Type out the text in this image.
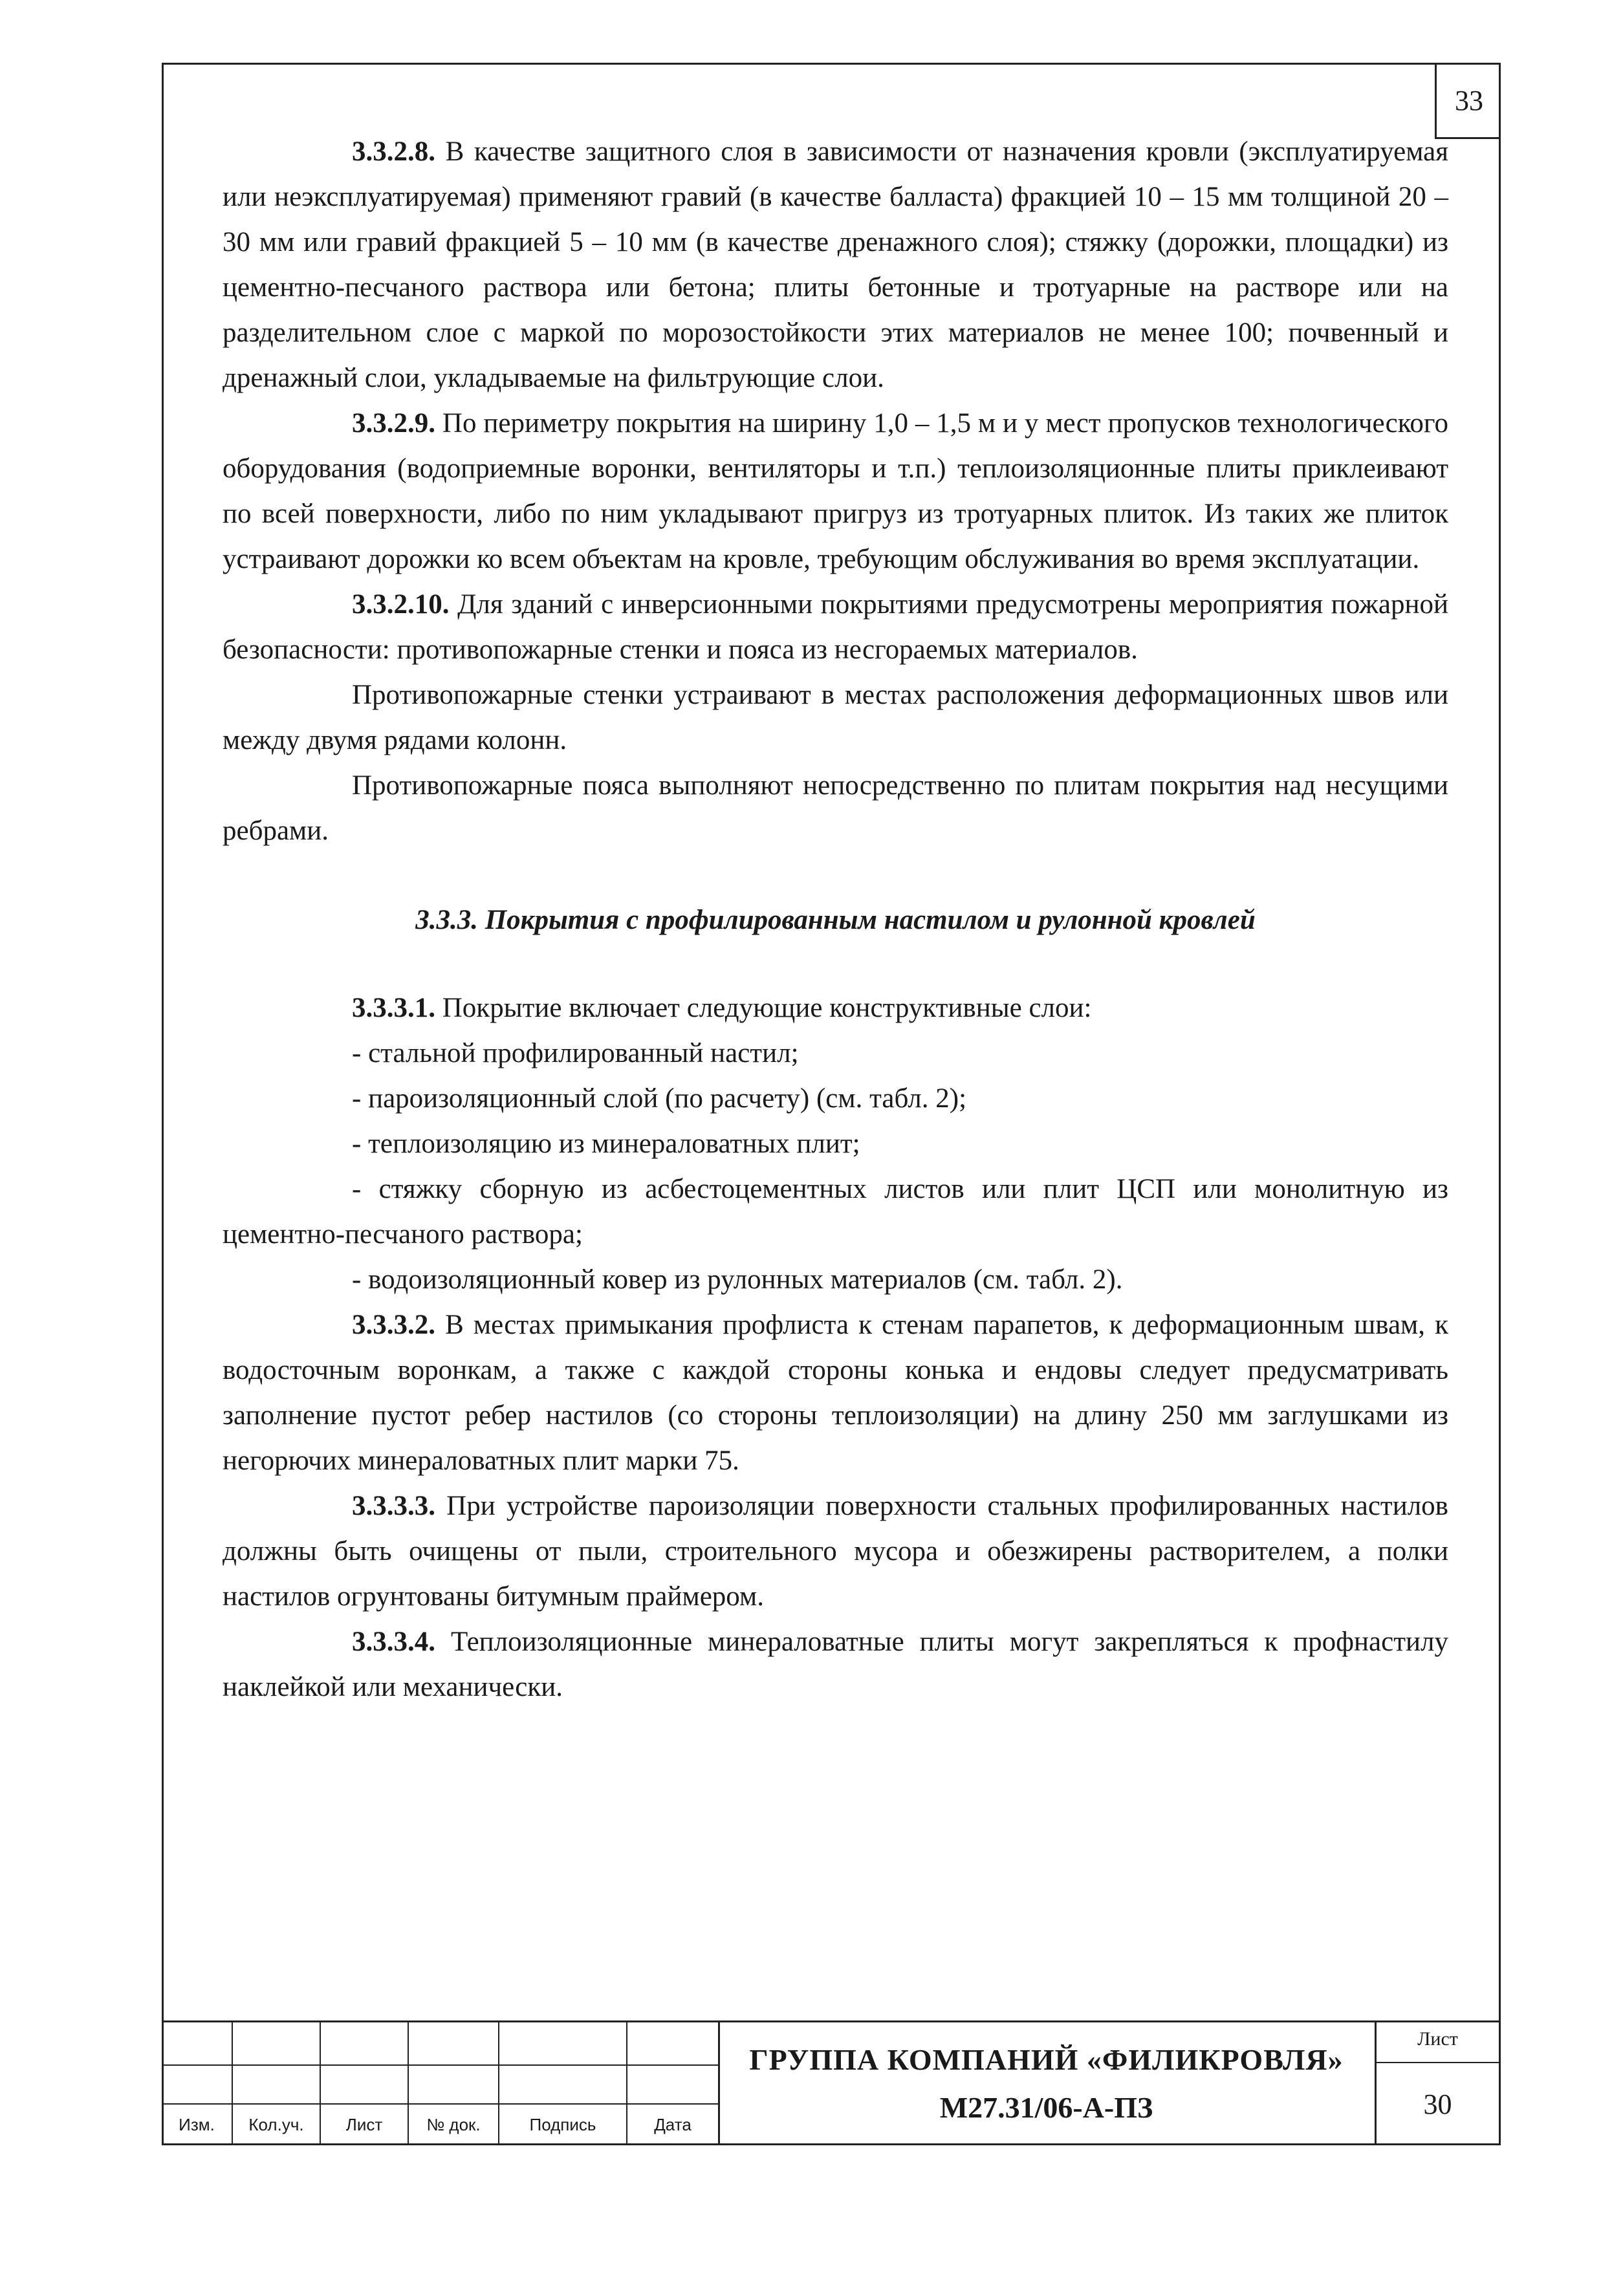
33

3.3.2.8. В качестве защитного слоя в зависимости от назначения кровли (эксплуатируемая или неэксплуатируемая) применяют гравий (в качестве балласта) фракцией 10 – 15 мм толщиной 20 – 30 мм или гравий фракцией 5 – 10 мм (в качестве дренажного слоя); стяжку (дорожки, площадки) из цементно-песчаного раствора или бетона; плиты бетонные и тротуарные на растворе или на разделительном слое с маркой по морозостойкости этих материалов не менее 100; почвенный и дренажный слои, укладываемые на фильтрующие слои.

3.3.2.9. По периметру покрытия на ширину 1,0 – 1,5 м и у мест пропусков технологического оборудования (водоприемные воронки, вентиляторы и т.п.) теплоизоляционные плиты приклеивают по всей поверхности, либо по ним укладывают пригруз из тротуарных плиток. Из таких же плиток устраивают дорожки ко всем объектам на кровле, требующим обслуживания во время эксплуатации.

3.3.2.10. Для зданий с инверсионными покрытиями предусмотрены мероприятия пожарной безопасности: противопожарные стенки и пояса из несгораемых материалов.

Противопожарные стенки устраивают в местах расположения деформационных швов или между двумя рядами колонн.

Противопожарные пояса выполняют непосредственно по плитам покрытия над несущими ребрами.

3.3.3. Покрытия с профилированным настилом и рулонной кровлей

3.3.3.1. Покрытие включает следующие конструктивные слои:

- стальной профилированный настил;

- пароизоляционный слой (по расчету) (см. табл. 2);

- теплоизоляцию из минераловатных плит;

- стяжку сборную из асбестоцементных листов или плит ЦСП или монолитную из цементно-песчаного раствора;

- водоизоляционный ковер из рулонных материалов (см. табл. 2).

3.3.3.2. В местах примыкания профлиста к стенам парапетов, к деформационным швам, к водосточным воронкам, а также с каждой стороны конька и ендовы следует предусматривать заполнение пустот ребер настилов (со стороны теплоизоляции) на длину 250 мм заглушками из негорючих минераловатных плит марки 75.

3.3.3.3. При устройстве пароизоляции поверхности стальных профилированных настилов должны быть очищены от пыли, строительного мусора и обезжирены растворителем, а полки настилов огрунтованы битумным праймером.

3.3.3.4. Теплоизоляционные минераловатные плиты могут закрепляться к профнастилу наклейкой или механически.

Изм.	Кол.уч.	Лист	№ док.	Подпись	Дата
ГРУППА КОМПАНИЙ «ФИЛИКРОВЛЯ»
М27.31/06-А-ПЗ
Лист
30
